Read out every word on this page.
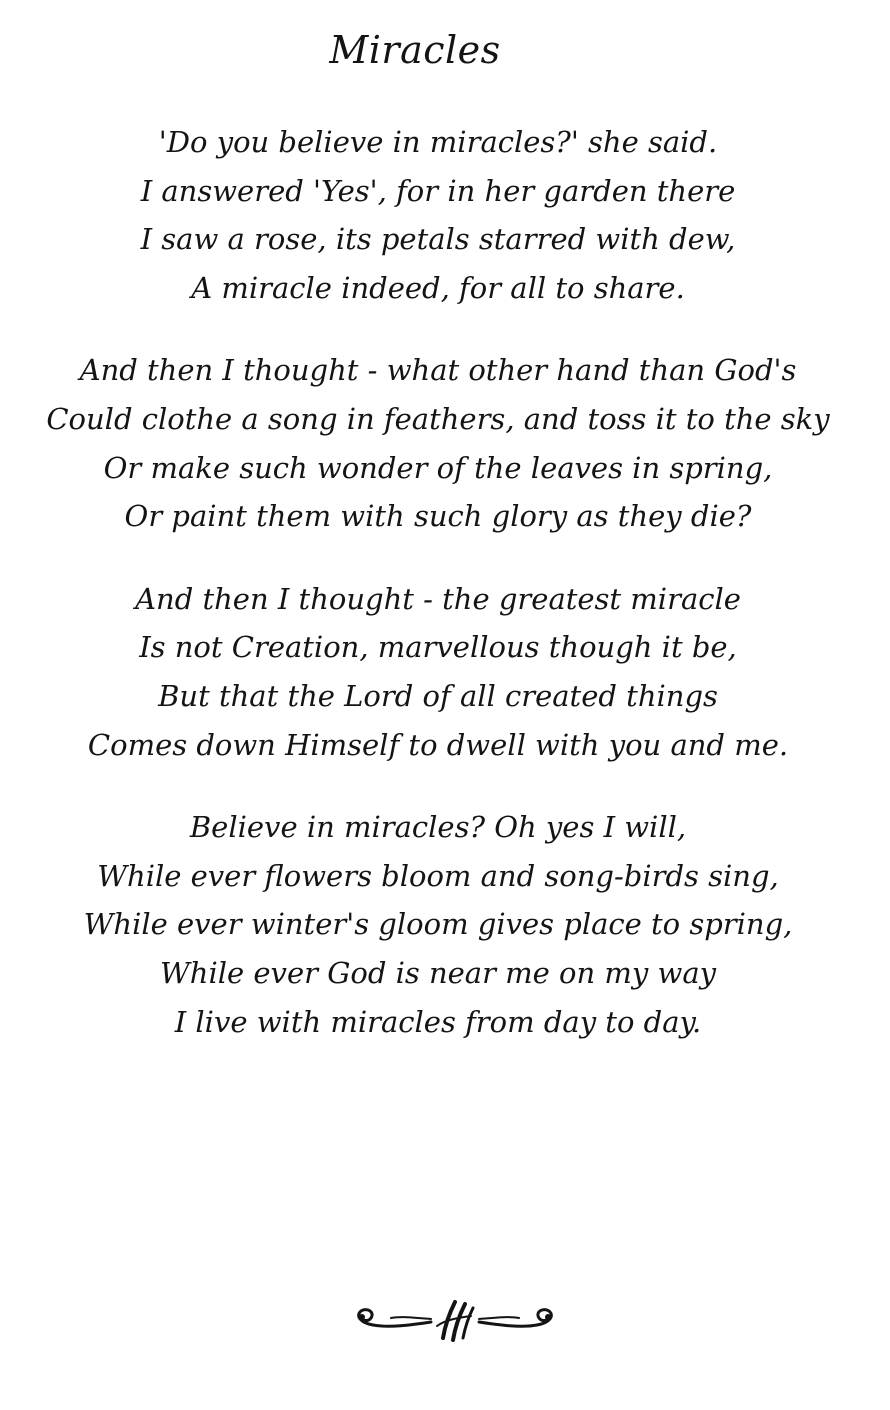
Miracles
'Do you believe in miracles?' she said.
I answered 'Yes', for in her garden there
I saw a rose, its petals starred with dew,
A miracle indeed, for all to share.
And then I thought - what other hand than God's
Could clothe a song in feathers, and toss it to the sky
Or make such wonder of the leaves in spring,
Or paint them with such glory as they die?
And then I thought - the greatest miracle
Is not Creation, marvellous though it be,
But that the Lord of all created things
Comes down Himself to dwell with you and me.
Believe in miracles? Oh yes I will,
While ever flowers bloom and song-birds sing,
While ever winter's gloom gives place to spring,
While ever God is near me on my way
I live with miracles from day to day.
